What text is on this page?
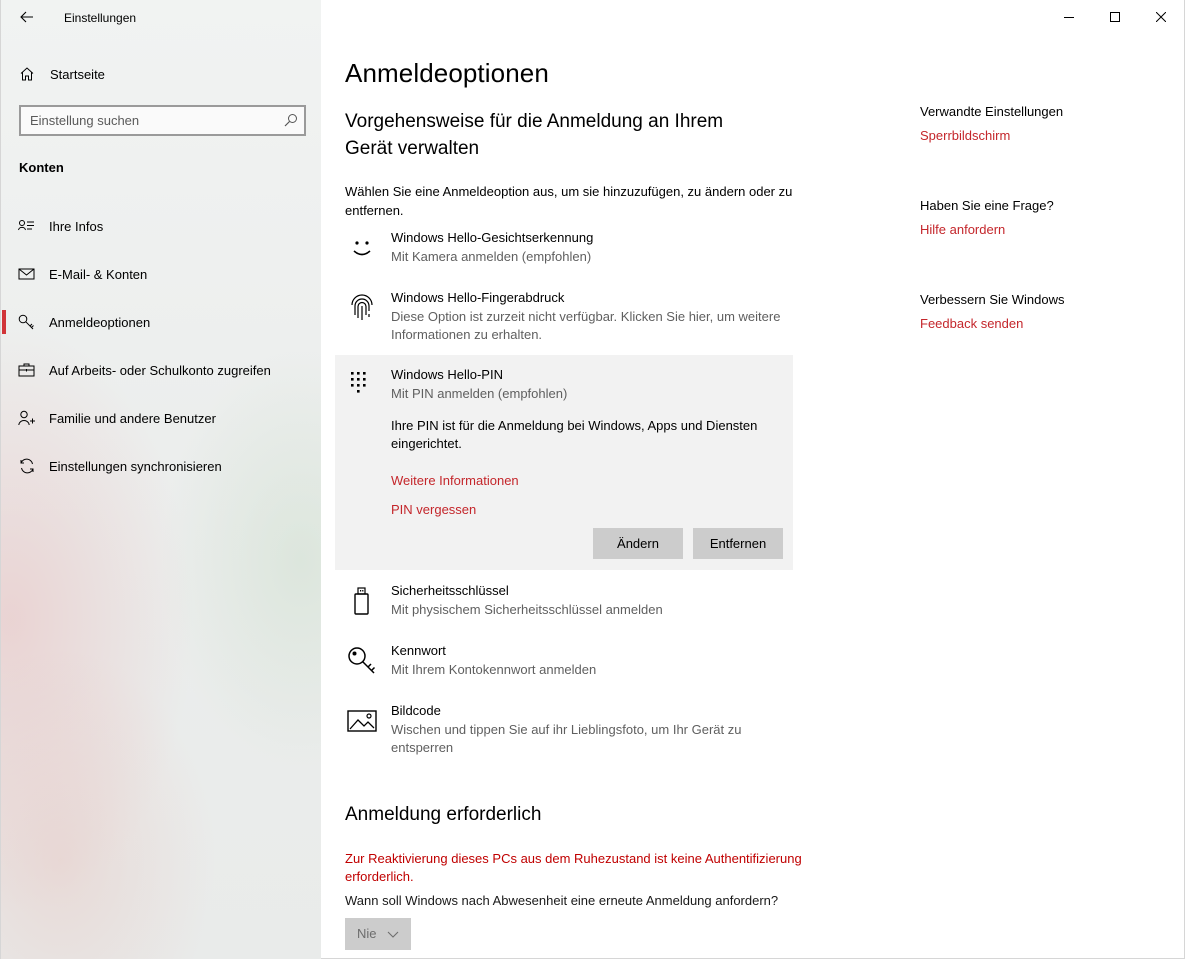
Einstellungen
Startseite
Einstellung suchen
Konten
Ihre Infos
E-Mail- & Konten
Anmeldeoptionen
Auf Arbeits- oder Schulkonto zugreifen
Familie und andere Benutzer
Einstellungen synchronisieren
Anmeldeoptionen
Vorgehensweise für die Anmeldung an Ihrem Gerät verwalten
Wählen Sie eine Anmeldeoption aus, um sie hinzuzufügen, zu ändern oder zu entfernen.
Windows Hello-Gesichtserkennung
Mit Kamera anmelden (empfohlen)
Windows Hello-Fingerabdruck
Diese Option ist zurzeit nicht verfügbar. Klicken Sie hier, um weitere Informationen zu erhalten.
Windows Hello-PIN
Mit PIN anmelden (empfohlen)
Ihre PIN ist für die Anmeldung bei Windows, Apps und Diensten eingerichtet.
Weitere Informationen
PIN vergessen
Ändern	Entfernen
Sicherheitsschlüssel
Mit physischem Sicherheitsschlüssel anmelden
Kennwort
Mit Ihrem Kontokennwort anmelden
Bildcode
Wischen und tippen Sie auf ihr Lieblingsfoto, um Ihr Gerät zu entsperren
Anmeldung erforderlich
Zur Reaktivierung dieses PCs aus dem Ruhezustand ist keine Authentifizierung erforderlich.
Wann soll Windows nach Abwesenheit eine erneute Anmeldung anfordern?
Nie
Verwandte Einstellungen
Sperrbildschirm
Haben Sie eine Frage?
Hilfe anfordern
Verbessern Sie Windows
Feedback senden
